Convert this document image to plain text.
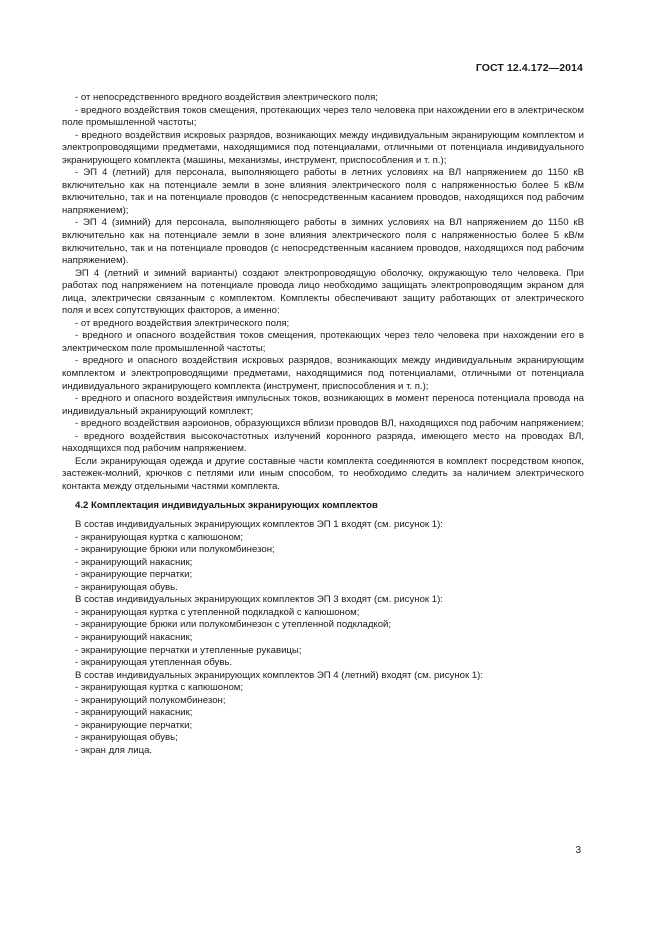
ГОСТ 12.4.172—2014

- от непосредственного вредного воздействия электрического поля;

- вредного воздействия токов смещения, протекающих через тело человека при нахождении его в электрическом поле промышленной частоты;

- вредного воздействия искровых разрядов, возникающих между индивидуальным экранирующим комплектом и электропроводящими предметами, находящимися под потенциалами, отличными от потенциала индивидуального экранирующего комплекта (машины, механизмы, инструмент, приспособления и т. п.);

- ЭП 4 (летний) для персонала, выполняющего работы в летних условиях на ВЛ напряжением до 1150 кВ включительно как на потенциале земли в зоне влияния электрического поля с напряженностью более 5 кВ/м включительно, так и на потенциале проводов (с непосредственным касанием проводов, находящихся под рабочим напряжением);

- ЭП 4 (зимний) для персонала, выполняющего работы в зимних условиях на ВЛ напряжением до 1150 кВ включительно как на потенциале земли в зоне влияния электрического поля с напряженностью более 5 кВ/м включительно, так и на потенциале проводов (с непосредственным касанием проводов, находящихся под рабочим напряжением).

ЭП 4 (летний и зимний варианты) создают электропроводящую оболочку, окружающую тело человека. При работах под напряжением на потенциале провода лицо необходимо защищать электропроводящим экраном для лица, электрически связанным с комплектом. Комплекты обеспечивают защиту работающих от электрического поля и всех сопутствующих факторов, а именно:

- от вредного воздействия электрического поля;

- вредного и опасного воздействия токов смещения, протекающих через тело человека при нахождении его в электрическом поле промышленной частоты;

- вредного и опасного воздействия искровых разрядов, возникающих между индивидуальным экранирующим комплектом и электропроводящими предметами, находящимися под потенциалами, отличными от потенциала индивидуального экранирующего комплекта (инструмент, приспособления и т. п.);

- вредного и опасного воздействия импульсных токов, возникающих в момент переноса потенциала провода на индивидуальный экранирующий комплект;

- вредного воздействия аэроионов, образующихся вблизи проводов ВЛ, находящихся под рабочим напряжением;

- вредного воздействия высокочастотных излучений коронного разряда, имеющего место на проводах ВЛ, находящихся под рабочим напряжением.

Если экранирующая одежда и другие составные части комплекта соединяются в комплект посредством кнопок, застежек-молний, крючков с петлями или иным способом, то необходимо следить за наличием электрического контакта между отдельными частями комплекта.

4.2 Комплектация индивидуальных экранирующих комплектов

В состав индивидуальных экранирующих комплектов ЭП 1 входят (см. рисунок 1):

- экранирующая куртка с капюшоном;

- экранирующие брюки или полукомбинезон;

- экранирующий накасник;

- экранирующие перчатки;

- экранирующая обувь.

В состав индивидуальных экранирующих комплектов ЭП 3 входят (см. рисунок 1):

- экранирующая куртка с утепленной подкладкой с капюшоном;

- экранирующие брюки или полукомбинезон с утепленной подкладкой;

- экранирующий накасник;

- экранирующие перчатки и утепленные рукавицы;

- экранирующая утепленная обувь.

В состав индивидуальных экранирующих комплектов ЭП 4 (летний) входят (см. рисунок 1):

- экранирующая куртка с капюшоном;

- экранирующий полукомбинезон;

- экранирующий накасник;

- экранирующие перчатки;

- экранирующая обувь;

- экран для лица.

3
